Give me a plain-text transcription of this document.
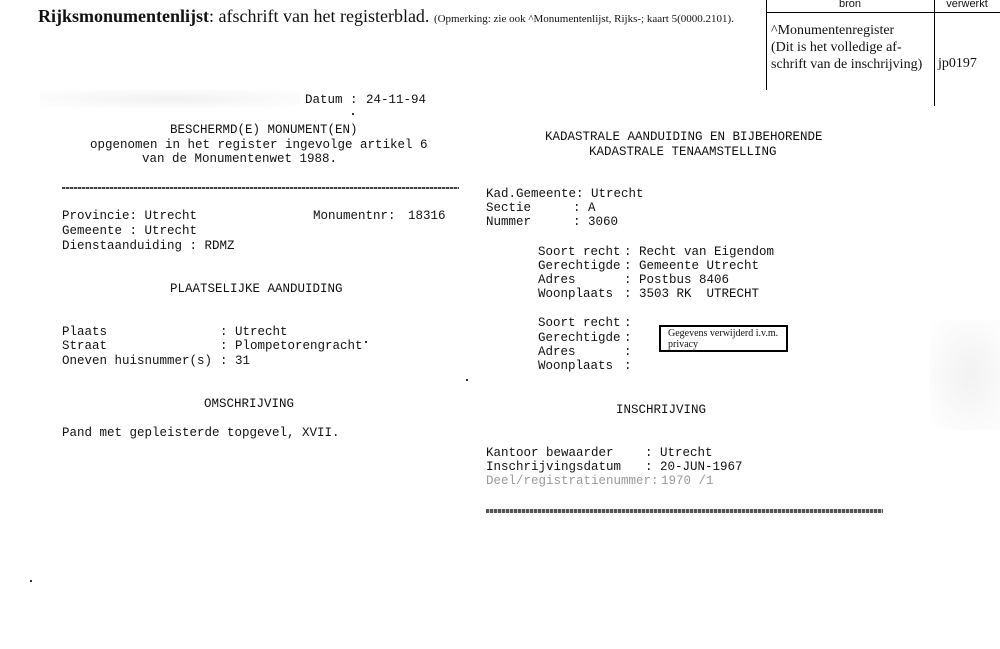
Rijksmonumentenlijst: afschrift van het registerblad. (Opmerking: zie ook ^Monumentenlijst, Rijks-; kaart 5(0000.2101).
bron	verwerkt
^Monumentenregister
(Dit is het volledige af-
schrift van de inschrijving)	jp0197
Datum : 24-11-94
BESCHERMD(E) MONUMENT(EN)
opgenomen in het register ingevolge artikel 6
van de Monumentenwet 1988.
Provincie: Utrecht	Monumentnr: 18316
Gemeente : Utrecht
Dienstaanduiding : RDMZ
PLAATSELIJKE AANDUIDING
Plaats	: Utrecht
Straat	: Plompetorengracht
Oneven huisnummer(s) : 31
OMSCHRIJVING
Pand met gepleisterde topgevel, XVII.
KADASTRALE AANDUIDING EN BIJBEHORENDE
KADASTRALE TENAAMSTELLING
Kad.Gemeente: Utrecht
Sectie	: A
Nummer	: 3060
Soort recht : Recht van Eigendom
Gerechtigde : Gemeente Utrecht
Adres	: Postbus 8406
Woonplaats : 3503 RK  UTRECHT
Soort recht :
Gerechtigde :
Adres	:
Woonplaats :
Gegevens verwijderd i.v.m. privacy
INSCHRIJVING
Kantoor bewaarder	: Utrecht
Inschrijvingsdatum : 20-JUN-1967
Deel/registratienummer: 1970 /1
